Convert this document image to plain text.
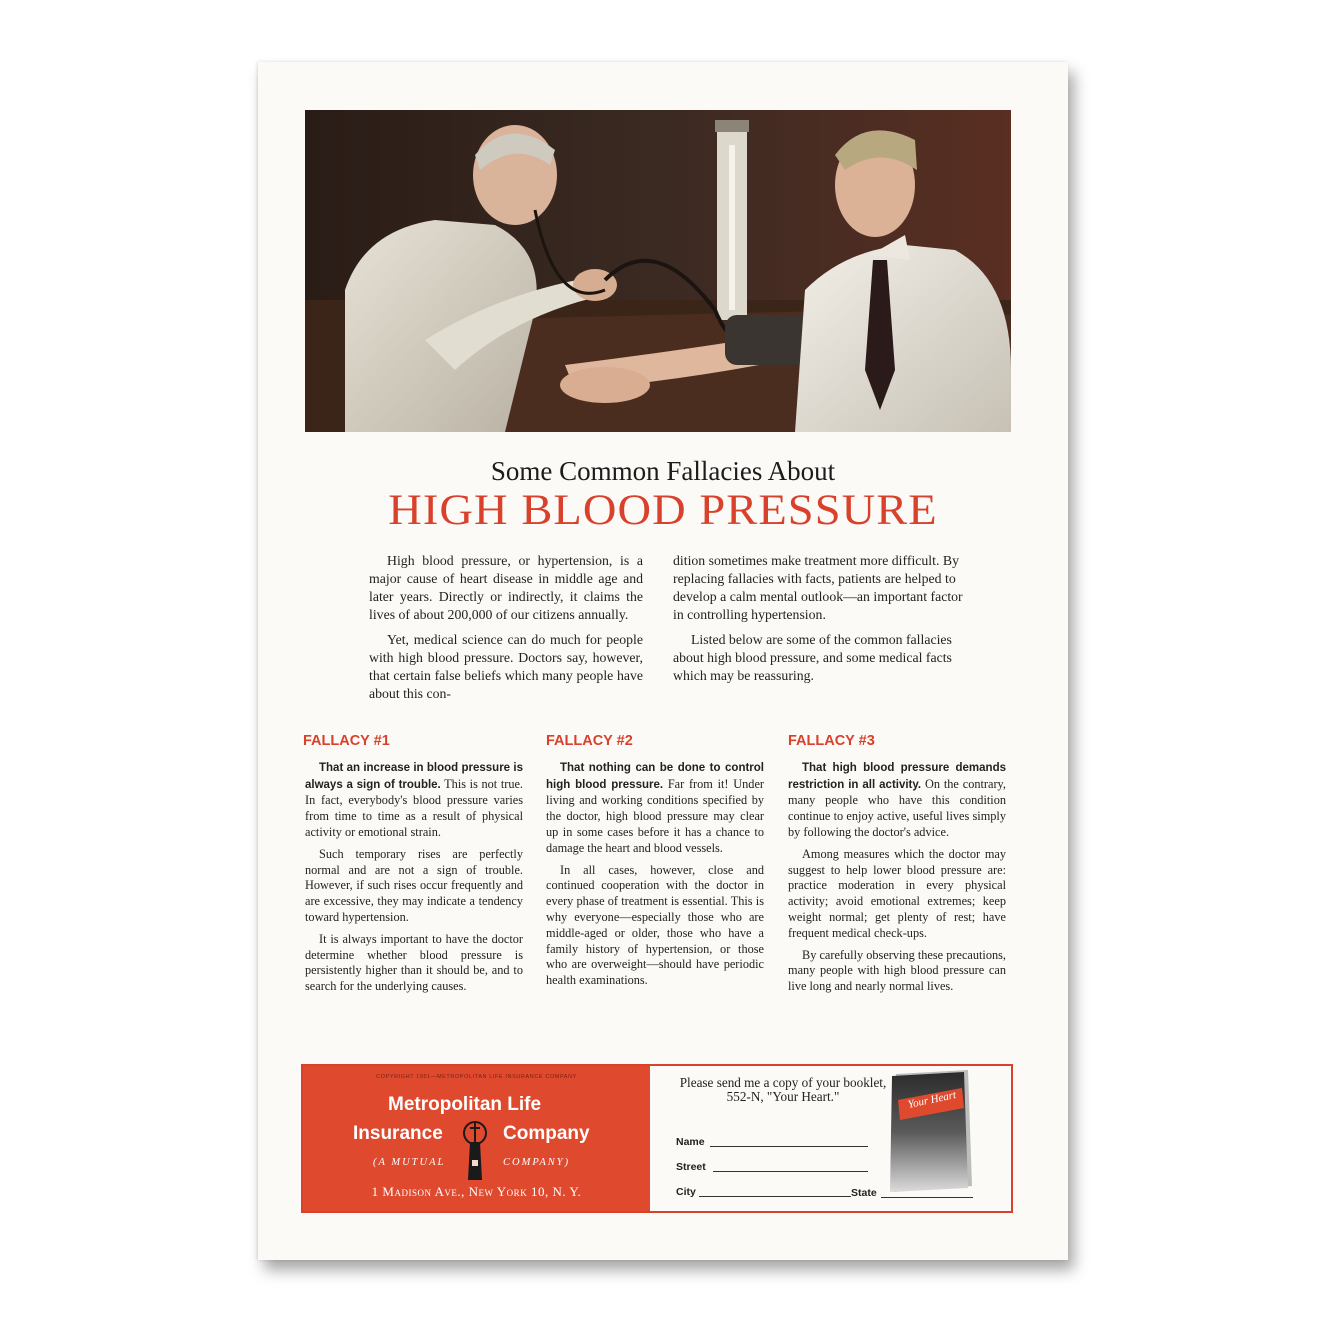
Some Common Fallacies About
HIGH BLOOD PRESSURE

High blood pressure, or hypertension, is a major cause of heart disease in middle age and later years. Directly or indirectly, it claims the lives of about 200,000 of our citizens annually.

Yet, medical science can do much for people with high blood pressure. Doctors say, however, that certain false beliefs which many people have about this con-

dition sometimes make treatment more difficult. By replacing fallacies with facts, patients are helped to develop a calm mental outlook—an important factor in controlling hypertension.

Listed below are some of the common fallacies about high blood pressure, and some medical facts which may be reassuring.

FALLACY #1

That an increase in blood pressure is always a sign of trouble. This is not true. In fact, everybody's blood pressure varies from time to time as a result of physical activity or emotional strain.

Such temporary rises are perfectly normal and are not a sign of trouble. However, if such rises occur frequently and are excessive, they may indicate a tendency toward hypertension.

It is always important to have the doctor determine whether blood pressure is persistently higher than it should be, and to search for the underlying causes.

FALLACY #2

That nothing can be done to control high blood pressure. Far from it! Under living and working conditions specified by the doctor, high blood pressure may clear up in some cases before it has a chance to damage the heart and blood vessels.

In all cases, however, close and continued cooperation with the doctor in every phase of treatment is essential. This is why everyone—especially those who are middle-aged or older, those who have a family history of hypertension, or those who are overweight—should have periodic health examinations.

FALLACY #3

That high blood pressure demands restriction in all activity. On the contrary, many people who have this condition continue to enjoy active, useful lives simply by following the doctor's advice.

Among measures which the doctor may suggest to help lower blood pressure are: practice moderation in every physical activity; avoid emotional extremes; keep weight normal; get plenty of rest; have frequent medical check-ups.

By carefully observing these precautions, many people with high blood pressure can live long and nearly normal lives.

COPYRIGHT 1951—METROPOLITAN LIFE INSURANCE COMPANY
Metropolitan Life
Insurance	Company
(A MUTUAL	COMPANY)
1 Madison Ave., New York 10, N. Y.
Please send me a copy of your booklet, 552-N, "Your Heart."
Name
Street
City	State
Your Heart
